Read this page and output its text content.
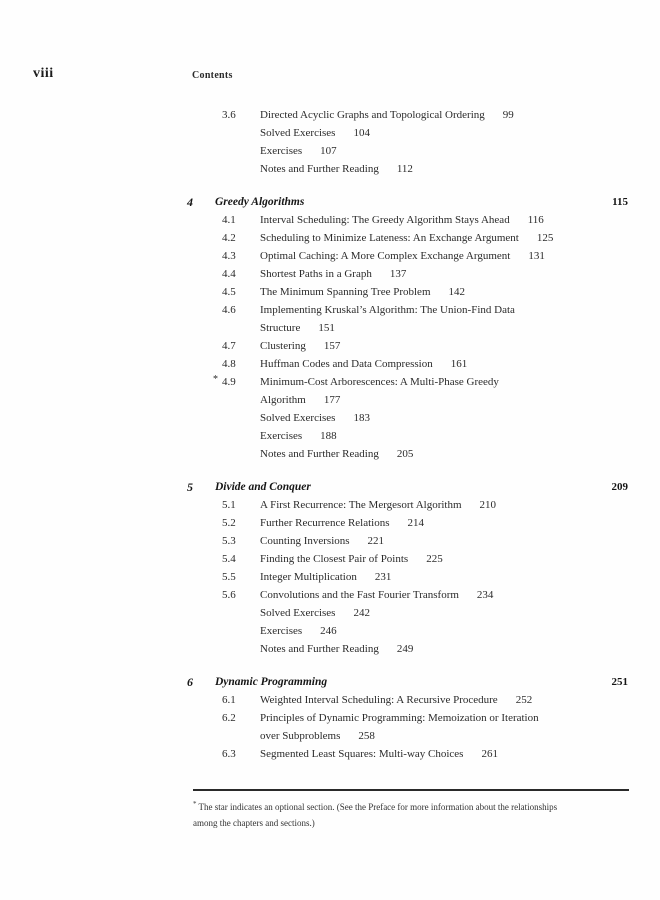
viii	Contents
3.6	Directed Acyclic Graphs and Topological Ordering 99
Solved Exercises 104
Exercises 107
Notes and Further Reading 112
4	Greedy Algorithms	115
4.1	Interval Scheduling: The Greedy Algorithm Stays Ahead 116
4.2	Scheduling to Minimize Lateness: An Exchange Argument 125
4.3	Optimal Caching: A More Complex Exchange Argument 131
4.4	Shortest Paths in a Graph 137
4.5	The Minimum Spanning Tree Problem 142
4.6	Implementing Kruskal’s Algorithm: The Union-Find Data
Structure 151
4.7	Clustering 157
4.8	Huffman Codes and Data Compression 161
* 4.9	Minimum-Cost Arborescences: A Multi-Phase Greedy
Algorithm 177
Solved Exercises 183
Exercises 188
Notes and Further Reading 205
5	Divide and Conquer	209
5.1	A First Recurrence: The Mergesort Algorithm 210
5.2	Further Recurrence Relations 214
5.3	Counting Inversions 221
5.4	Finding the Closest Pair of Points 225
5.5	Integer Multiplication 231
5.6	Convolutions and the Fast Fourier Transform 234
Solved Exercises 242
Exercises 246
Notes and Further Reading 249
6	Dynamic Programming	251
6.1	Weighted Interval Scheduling: A Recursive Procedure 252
6.2	Principles of Dynamic Programming: Memoization or Iteration
over Subproblems 258
6.3	Segmented Least Squares: Multi-way Choices 261
* The star indicates an optional section. (See the Preface for more information about the relationships
among the chapters and sections.)
